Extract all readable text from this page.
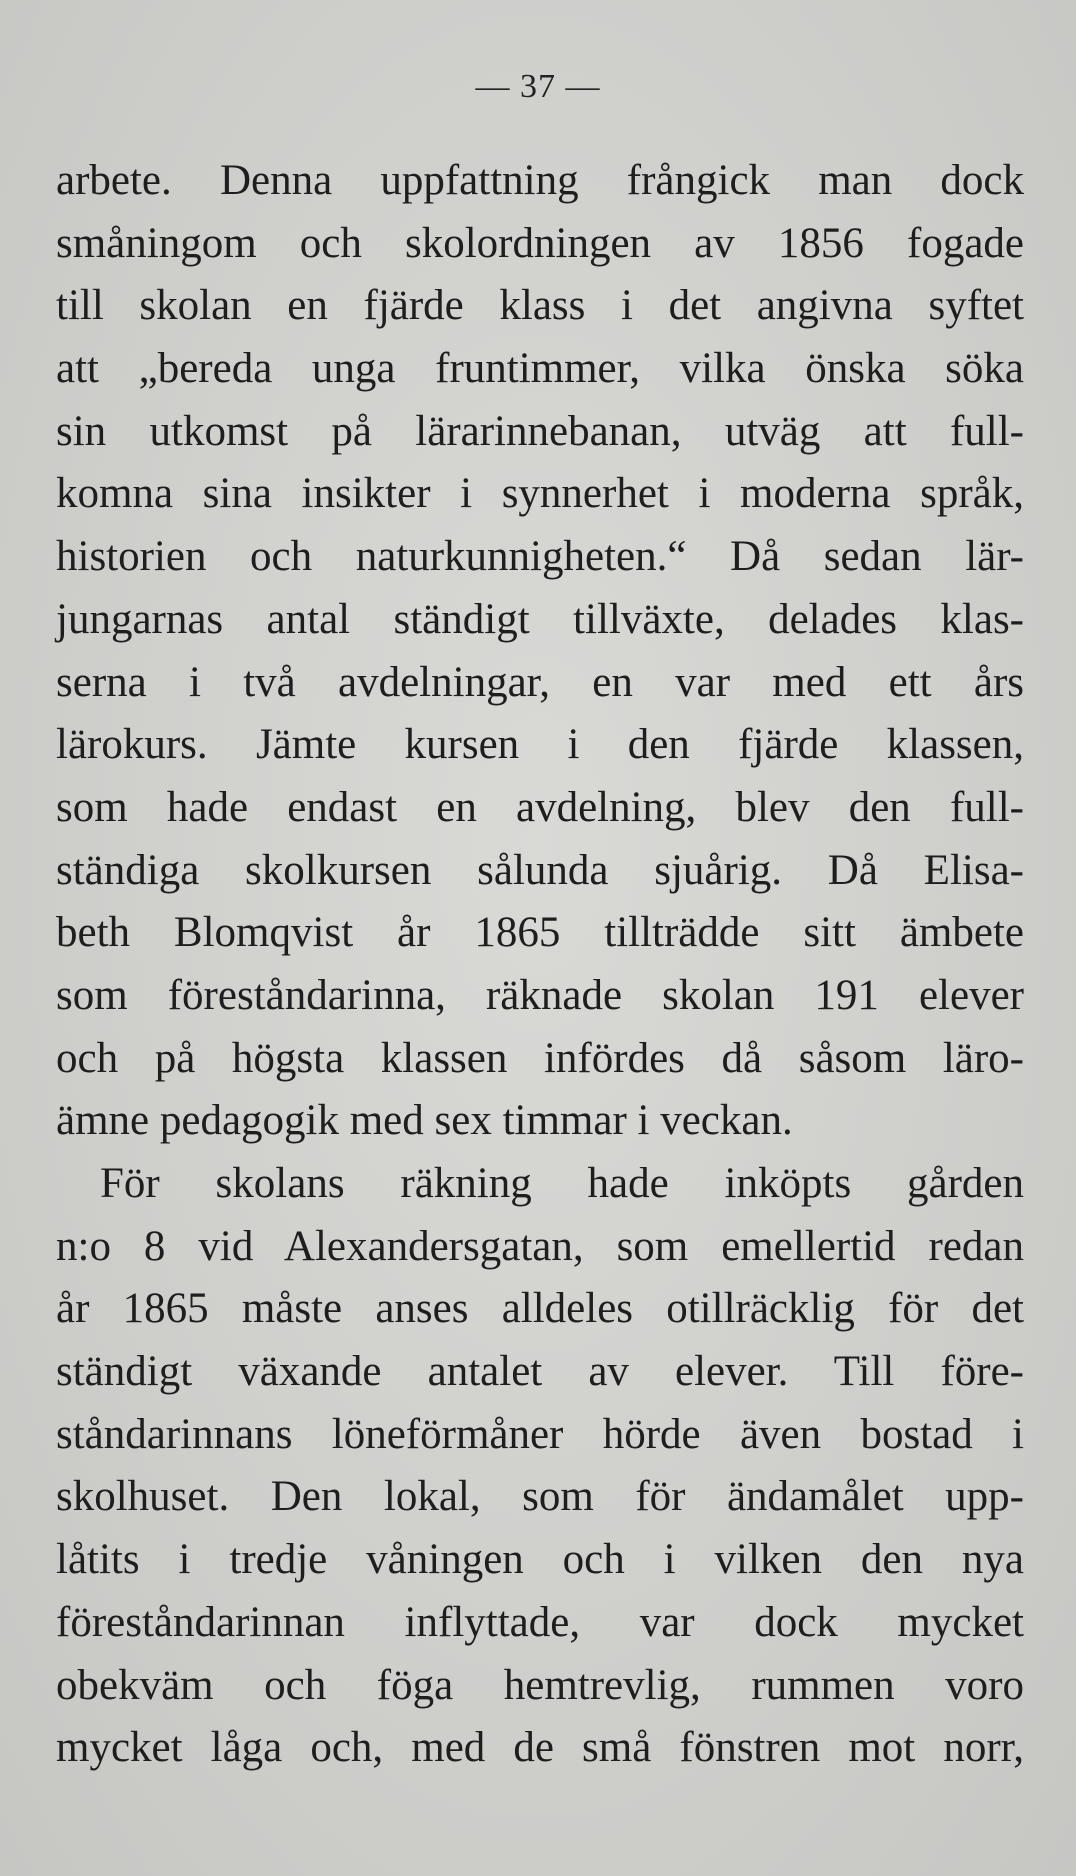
— 37 —
arbete. Denna uppfattning frångick man dock
småningom och skolordningen av 1856 fogade
till skolan en fjärde klass i det angivna syftet
att „bereda unga fruntimmer, vilka önska söka
sin utkomst på lärarinnebanan, utväg att full-
komna sina insikter i synnerhet i moderna språk,
historien och naturkunnigheten.“ Då sedan lär-
jungarnas antal ständigt tillväxte, delades klas-
serna i två avdelningar, en var med ett års
lärokurs. Jämte kursen i den fjärde klassen,
som hade endast en avdelning, blev den full-
ständiga skolkursen sålunda sjuårig. Då Elisa-
beth Blomqvist år 1865 tillträdde sitt ämbete
som föreståndarinna, räknade skolan 191 elever
och på högsta klassen infördes då såsom läro-
ämne pedagogik med sex timmar i veckan.
För skolans räkning hade inköpts gården
n:o 8 vid Alexandersgatan, som emellertid redan
år 1865 måste anses alldeles otillräcklig för det
ständigt växande antalet av elever. Till före-
ståndarinnans löneförmåner hörde även bostad i
skolhuset. Den lokal, som för ändamålet upp-
låtits i tredje våningen och i vilken den nya
föreståndarinnan inflyttade, var dock mycket
obekväm och föga hemtrevlig, rummen voro
mycket låga och, med de små fönstren mot norr,
